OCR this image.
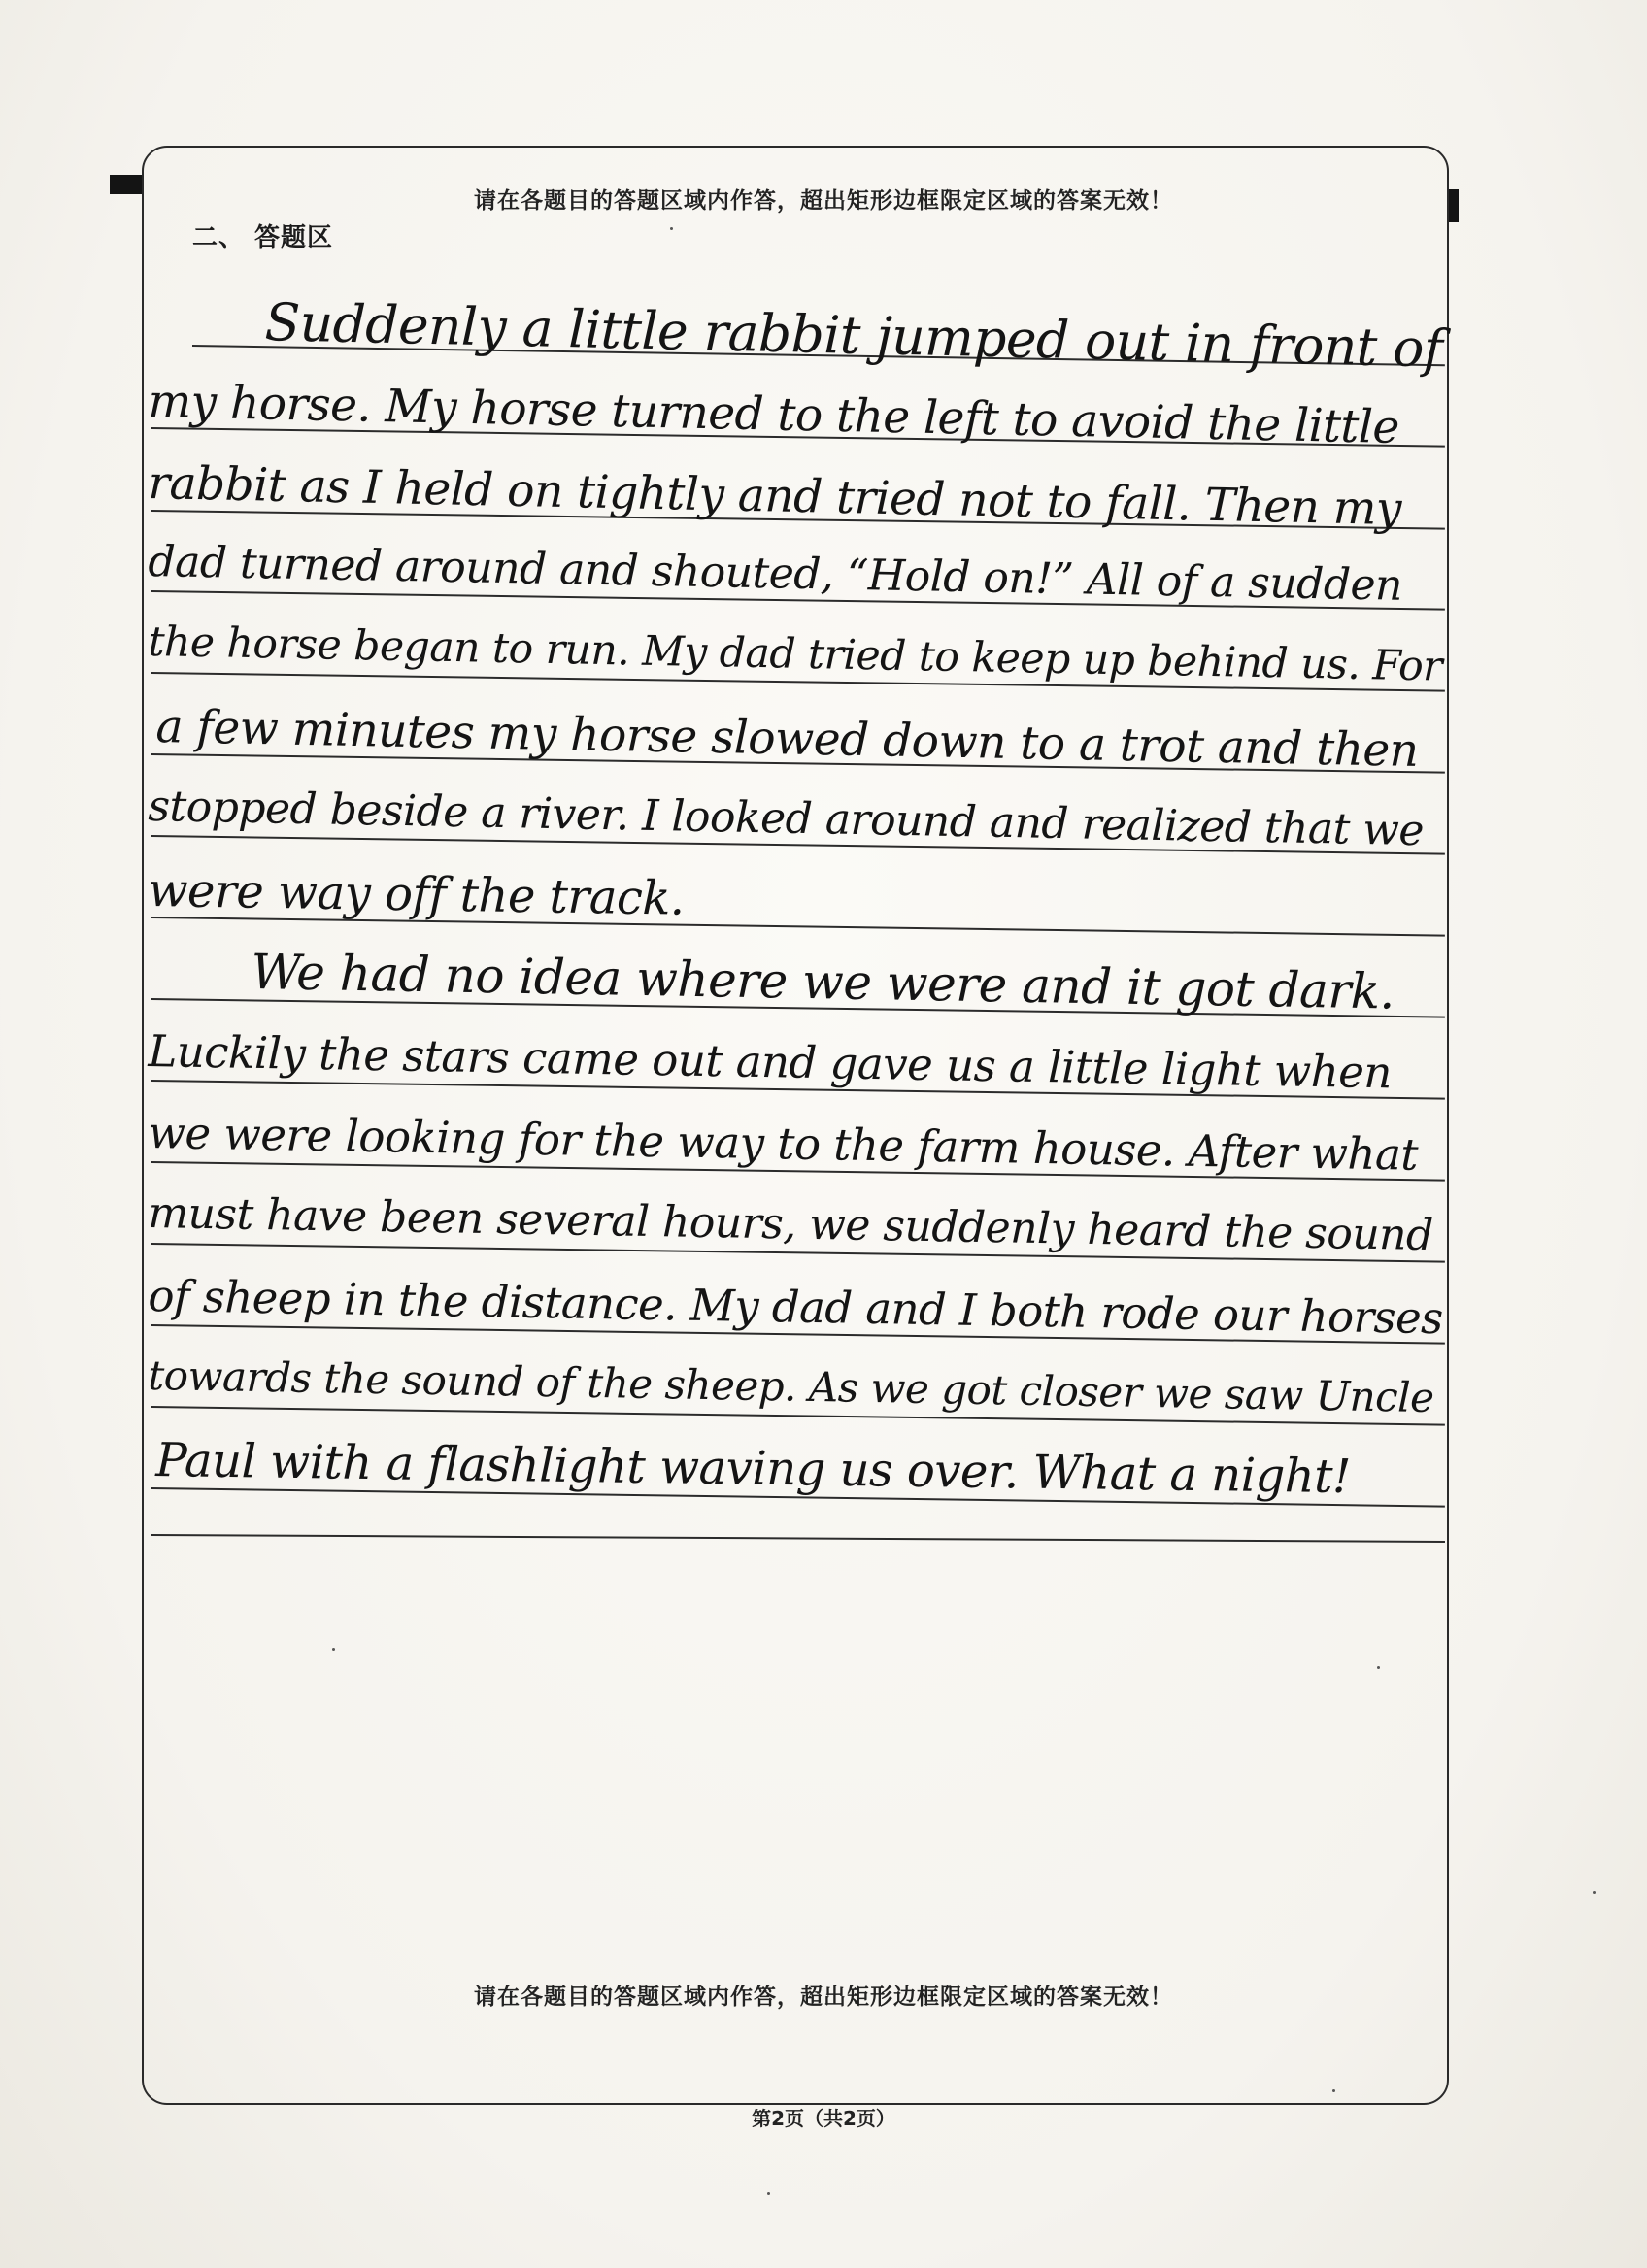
请在各题目的答题区域内作答，超出矩形边框限定区域的答案无效！
二、 答题区
Suddenly a little rabbit jumped out in front of
my horse. My horse turned to the left to avoid the little
rabbit as I held on tightly and tried not to fall. Then my
dad turned around and shouted, “Hold on!” All of a sudden
the horse began to run. My dad tried to keep up behind us. For
a few minutes my horse slowed down to a trot and then
stopped beside a river. I looked around and realized that we
were way off the track.
We had no idea where we were and it got dark.
Luckily the stars came out and gave us a little light when
we were looking for the way to the farm house. After what
must have been several hours, we suddenly heard the sound
of sheep in the distance. My dad and I both rode our horses
towards the sound of the sheep. As we got closer we saw Uncle
Paul with a flashlight waving us over. What a night!
请在各题目的答题区域内作答，超出矩形边框限定区域的答案无效！
第2页（共2页）
